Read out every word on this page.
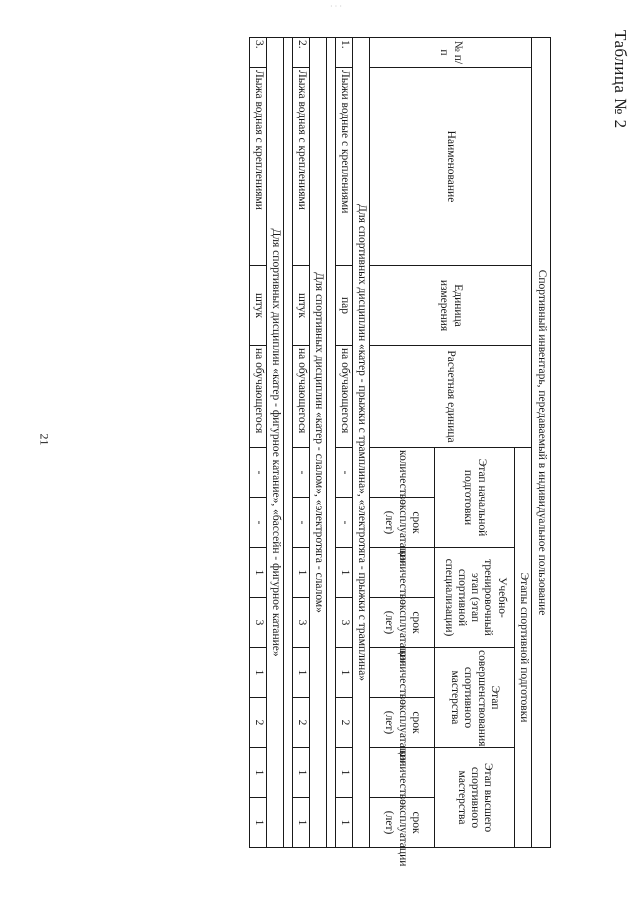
· · ·
21
Таблица № 2
Спортивный инвентарь, передаваемый в индивидуальное пользование											
№ п/п	Наименование	Единица измерения	Расчетная единица	Этапы спортивной подготовки							
				Этап начальной подготовки		Учебно-тренировочный этап (этап спортивной специализации)		Этап совершенствования спортивного мастерства		Этап высшего спортивного мастерства	
				количество	срок эксплуатации (лет)	количество	срок эксплуатации (лет)	количество	срок эксплуатации (лет)	количество	срок эксплуатации (лет)
Для спортивных дисциплин «катер - прыжки с трамплина», «электротяга - прыжки с трамплина»											
1.	Лыжи водные с креплениями	пар	на обучающегося	-	-	1	3	1	2	1	1

Для спортивных дисциплин «катер - слалом», «электротяга - слалом»											
2.	Лыжа водная с креплениями	штук	на обучающегося	-	-	1	3	1	2	1	1

Для спортивных дисциплин «катер - фигурное катание», «бассейн - фигурное катание»											
3.	Лыжа водная с креплениями	штук	на обучающегося	-	-	1	3	1	2	1	1
